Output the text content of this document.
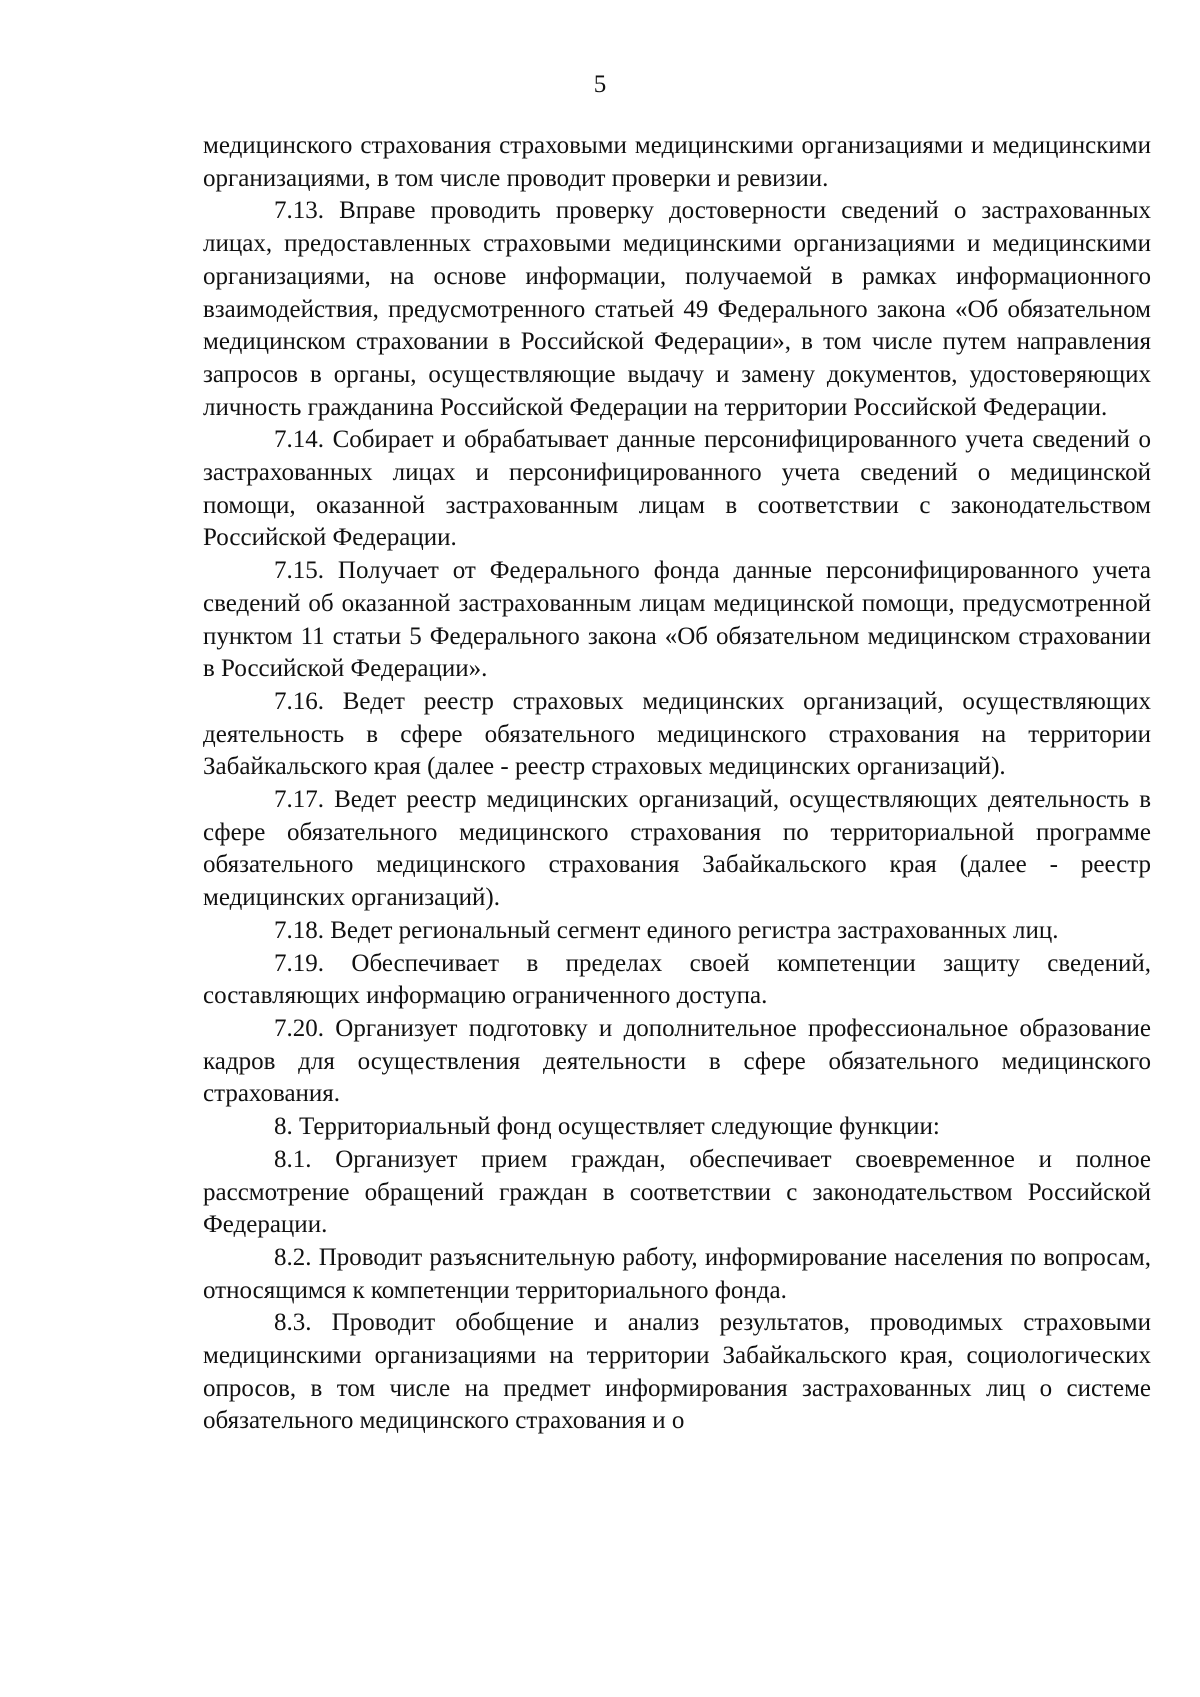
5

медицинского страхования страховыми медицинскими организациями и медицинскими организациями, в том числе проводит проверки и ревизии.

7.13. Вправе проводить проверку достоверности сведений о застрахованных лицах, предоставленных страховыми медицинскими организациями и медицинскими организациями, на основе информации, получаемой в рамках информационного взаимодействия, предусмотренного статьей 49 Федерального закона «Об обязательном медицинском страховании в Российской Федерации», в том числе путем направления запросов в органы, осуществляющие выдачу и замену документов, удостоверяющих личность гражданина Российской Федерации на территории Российской Федерации.

7.14. Собирает и обрабатывает данные персонифицированного учета сведений о застрахованных лицах и персонифицированного учета сведений о медицинской помощи, оказанной застрахованным лицам в соответствии с законодательством Российской Федерации.

7.15. Получает от Федерального фонда данные персонифицированного учета сведений об оказанной застрахованным лицам медицинской помощи, предусмотренной пунктом 11 статьи 5 Федерального закона «Об обязательном медицинском страховании в Российской Федерации».

7.16. Ведет реестр страховых медицинских организаций, осуществляющих деятельность в сфере обязательного медицинского страхования на территории Забайкальского края (далее - реестр страховых медицинских организаций).

7.17. Ведет реестр медицинских организаций, осуществляющих деятельность в сфере обязательного медицинского страхования по территориальной программе обязательного медицинского страхования Забайкальского края (далее - реестр медицинских организаций).

7.18. Ведет региональный сегмент единого регистра застрахованных лиц.

7.19. Обеспечивает в пределах своей компетенции защиту сведений, составляющих информацию ограниченного доступа.

7.20. Организует подготовку и дополнительное профессиональное образование кадров для осуществления деятельности в сфере обязательного медицинского страхования.

8. Территориальный фонд осуществляет следующие функции:

8.1. Организует прием граждан, обеспечивает своевременное и полное рассмотрение обращений граждан в соответствии с законодательством Российской Федерации.

8.2. Проводит разъяснительную работу, информирование населения по вопросам, относящимся к компетенции территориального фонда.

8.3. Проводит обобщение и анализ результатов, проводимых страховыми медицинскими организациями на территории Забайкальского края, социологических опросов, в том числе на предмет информирования застрахованных лиц о системе обязательного медицинского страхования и о
